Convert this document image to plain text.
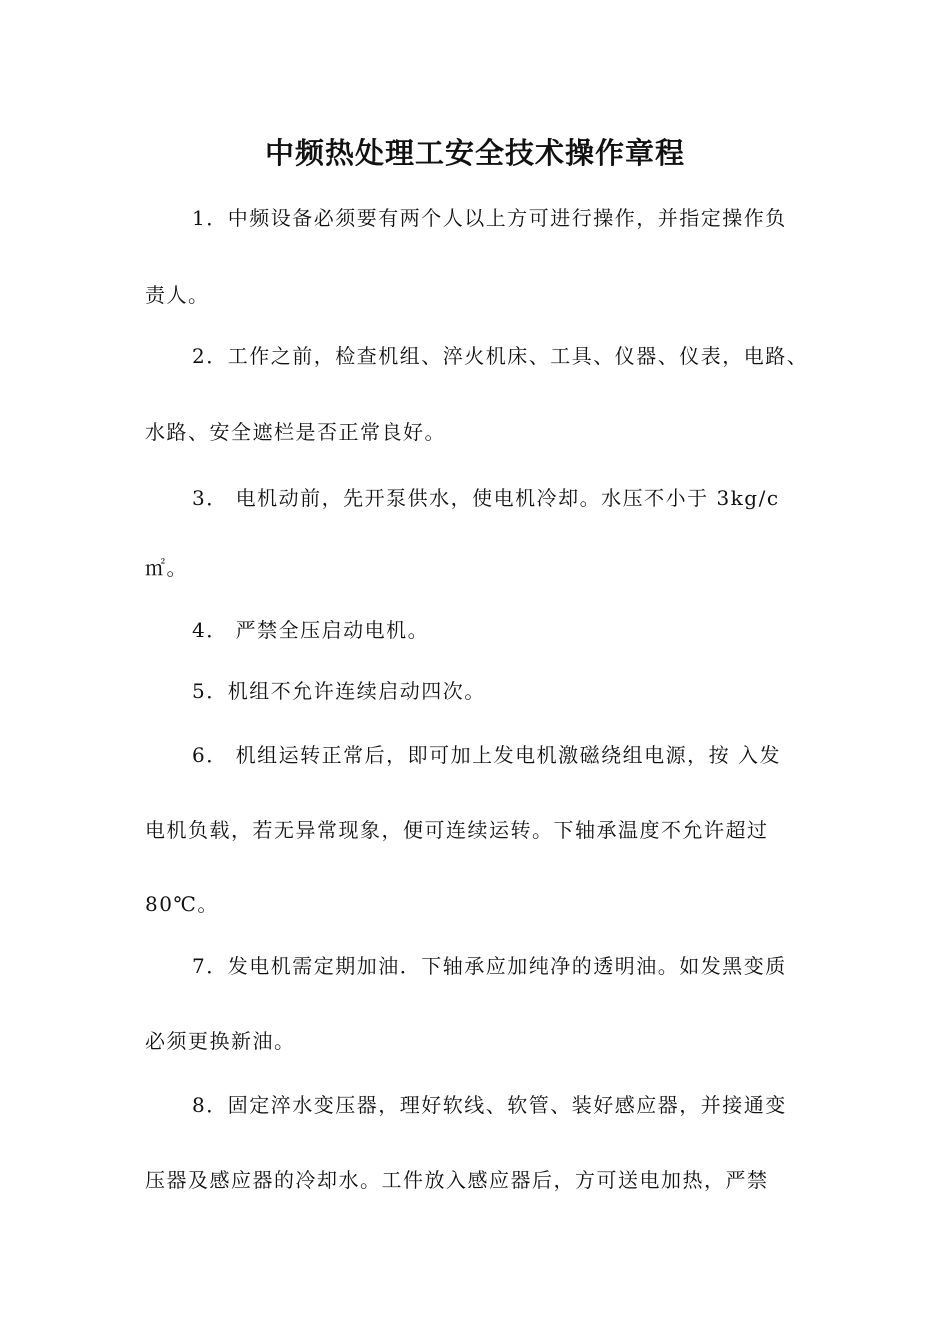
中频热处理工安全技术操作章程
1．中频设备必须要有两个人以上方可进行操作，并指定操作负
责人。
2．工作之前，检查机组、淬火机床、工具、仪器、仪表，电路、
水路、安全遮栏是否正常良好。
3． 电机动前，先开泵供水，使电机冷却。水压不小于 3kg/c
㎡。
4． 严禁全压启动电机。
5．机组不允许连续启动四次。
6． 机组运转正常后，即可加上发电机激磁绕组电源，按 入发
电机负载，若无异常现象，便可连续运转。下轴承温度不允许超过
80℃。
7．发电机需定期加油．下轴承应加纯净的透明油。如发黑变质
必须更换新油。
8．固定淬水变压器，理好软线、软管、装好感应器，并接通变
压器及感应器的冷却水。工件放入感应器后，方可送电加热，严禁
